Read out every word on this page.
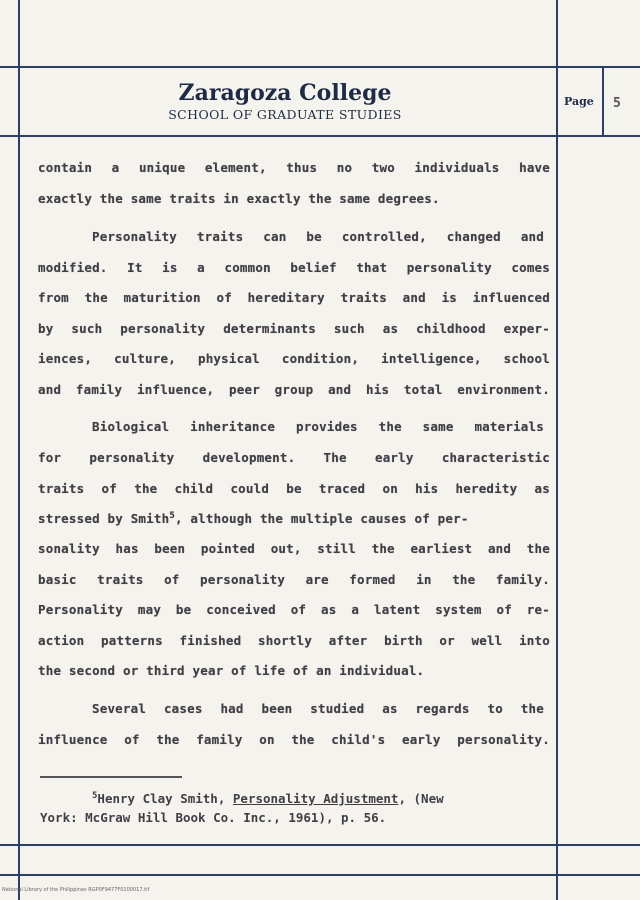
Zaragoza College
SCHOOL OF GRADUATE STUDIES
Page 5
contain a unique element, thus no two individuals have
exactly the same traits in exactly the same degrees.
Personality traits can be controlled, changed and
modified. It is a common belief that personality comes
from the maturition of hereditary traits and is influenced
by such personality determinants such as childhood exper-
iences, culture, physical condition, intelligence, school
and family influence, peer group and his total environment.
Biological inheritance provides the same materials
for personality development. The early characteristic
traits of the child could be traced on his heredity as
stressed by Smith$^5$, although the multiple causes of per-
sonality has been pointed out, still the earliest and the
basic traits of personality are formed in the family.
Personality may be conceived of as a latent system of re-
action patterns finished shortly after birth or well into
the second or third year of life of an individual.
Several cases had been studied as regards to the
influence of the family on the child's early personality.
$^5$Henry Clay Smith, Personality Adjustment, (New
York: McGraw Hill Book Co. Inc., 1961), p. 56.
National Library of the Philippines RGP0F9477F0100017.tif
